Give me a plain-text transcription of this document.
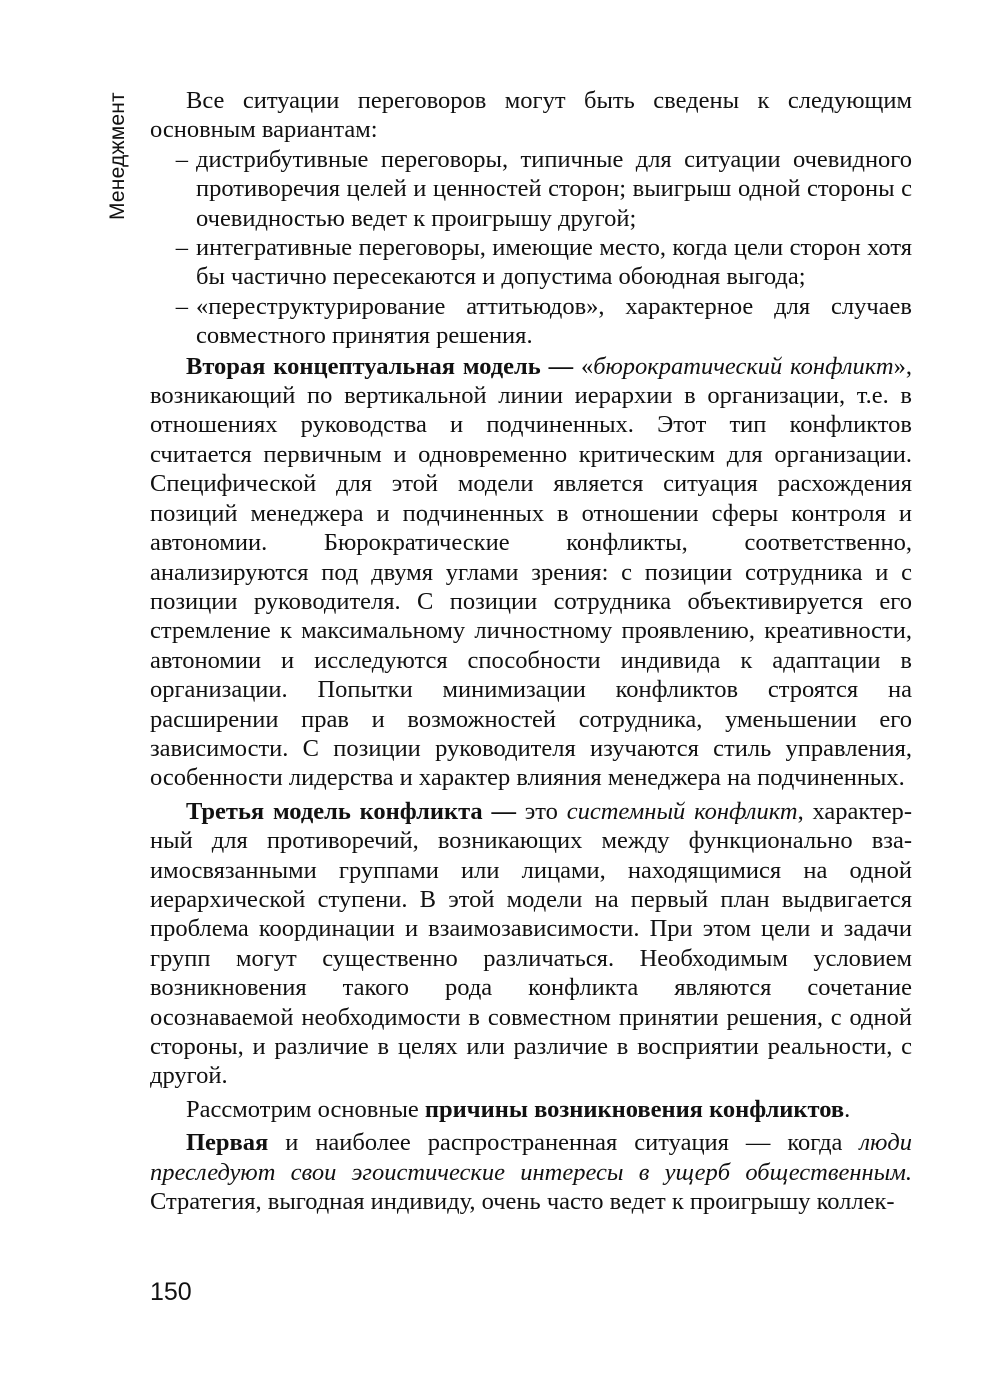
Менеджмент	Все ситуации переговоров могут быть сведены к следующим основным вариантам:

– дистрибутивные переговоры, типичные для ситуации очевидного противоречия целей и ценностей сторон; выигрыш одной стороны с очевидностью ведет к проигрышу другой;
– интегративные переговоры, имеющие место, когда цели сторон хотя бы частично пересекаются и допустима обоюдная выгода;
– «переструктурирование аттитьюдов», характерное для случаев совместного принятия решения.

Вторая концептуальная модель — «бюрократический конфликт», возникающий по вертикальной линии иерархии в организации, т.е. в отношениях руководства и подчиненных. Этот тип конфликтов считается первичным и одновременно критическим для организации. Специфической для этой модели является ситуация расхождения позиций менеджера и подчиненных в отношении сферы контроля и автономии. Бюрократические конфликты, соответственно, анализируются под двумя углами зрения: с позиции сотрудника и с позиции руководителя. С позиции сотрудника объективируется его стремление к максимальному личностному проявлению, креативности, автономии и исследуются способности индивида к адаптации в организации. Попытки минимизации конфликтов строятся на расширении прав и возможностей сотрудника, уменьшении его зависимости. С позиции руководителя изучаются стиль управления, особенности лидерства и характер влияния менеджера на подчиненных.

Третья модель конфликта — это системный конфликт, характерный для противоречий, возникающих между функционально взаимосвязанными группами или лицами, находящимися на одной иерархической ступени. В этой модели на первый план выдвигается проблема координации и взаимозависимости. При этом цели и задачи групп могут существенно различаться. Необходимым условием возникновения такого рода конфликта являются сочетание осознаваемой необходимости в совместном принятии решения, с одной стороны, и различие в целях или различие в восприятии реальности, с другой.

Рассмотрим основные причины возникновения конфликтов.

Первая и наиболее распространенная ситуация — когда люди преследуют свои эгоистические интересы в ущерб общественным. Стратегия, выгодная индивиду, очень часто ведет к проигрышу коллек-

150
